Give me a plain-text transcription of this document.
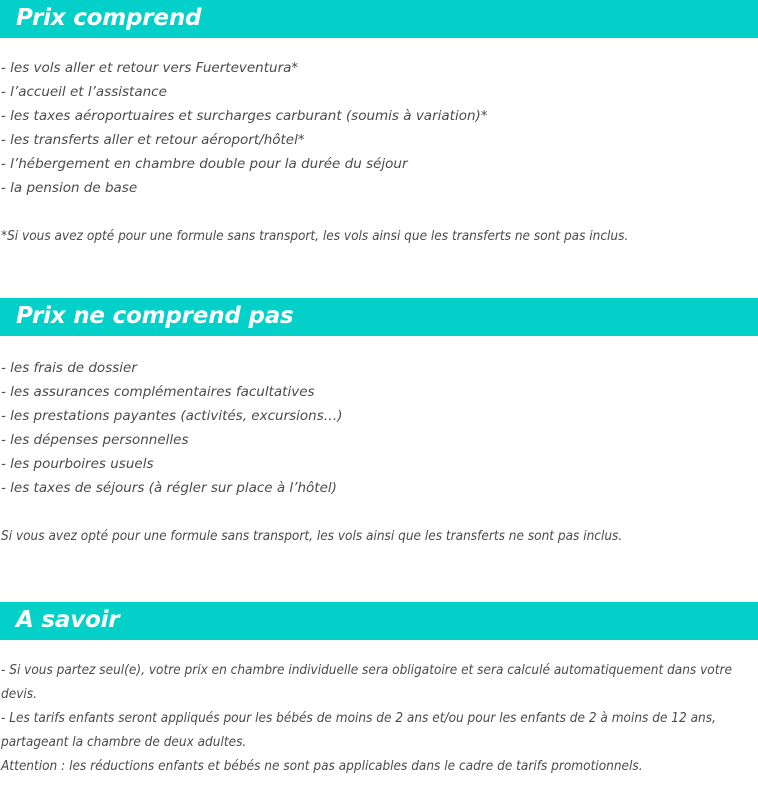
Prix comprend
- les vols aller et retour vers Fuerteventura*
- l’accueil et l’assistance
- les taxes aéroportuaires et surcharges carburant (soumis à variation)*
- les transferts aller et retour aéroport/hôtel*
- l’hébergement en chambre double pour la durée du séjour
- la pension de base
*Si vous avez opté pour une formule sans transport, les vols ainsi que les transferts ne sont pas inclus.
Prix ne comprend pas
- les frais de dossier
- les assurances complémentaires facultatives
- les prestations payantes (activités, excursions…)
- les dépenses personnelles
- les pourboires usuels
- les taxes de séjours (à régler sur place à l’hôtel)
Si vous avez opté pour une formule sans transport, les vols ainsi que les transferts ne sont pas inclus.
A savoir
- Si vous partez seul(e), votre prix en chambre individuelle sera obligatoire et sera calculé automatiquement dans votre devis.
- Les tarifs enfants seront appliqués pour les bébés de moins de 2 ans et/ou pour les enfants de 2 à moins de 12 ans, partageant la chambre de deux adultes.
Attention : les réductions enfants et bébés ne sont pas applicables dans le cadre de tarifs promotionnels.
